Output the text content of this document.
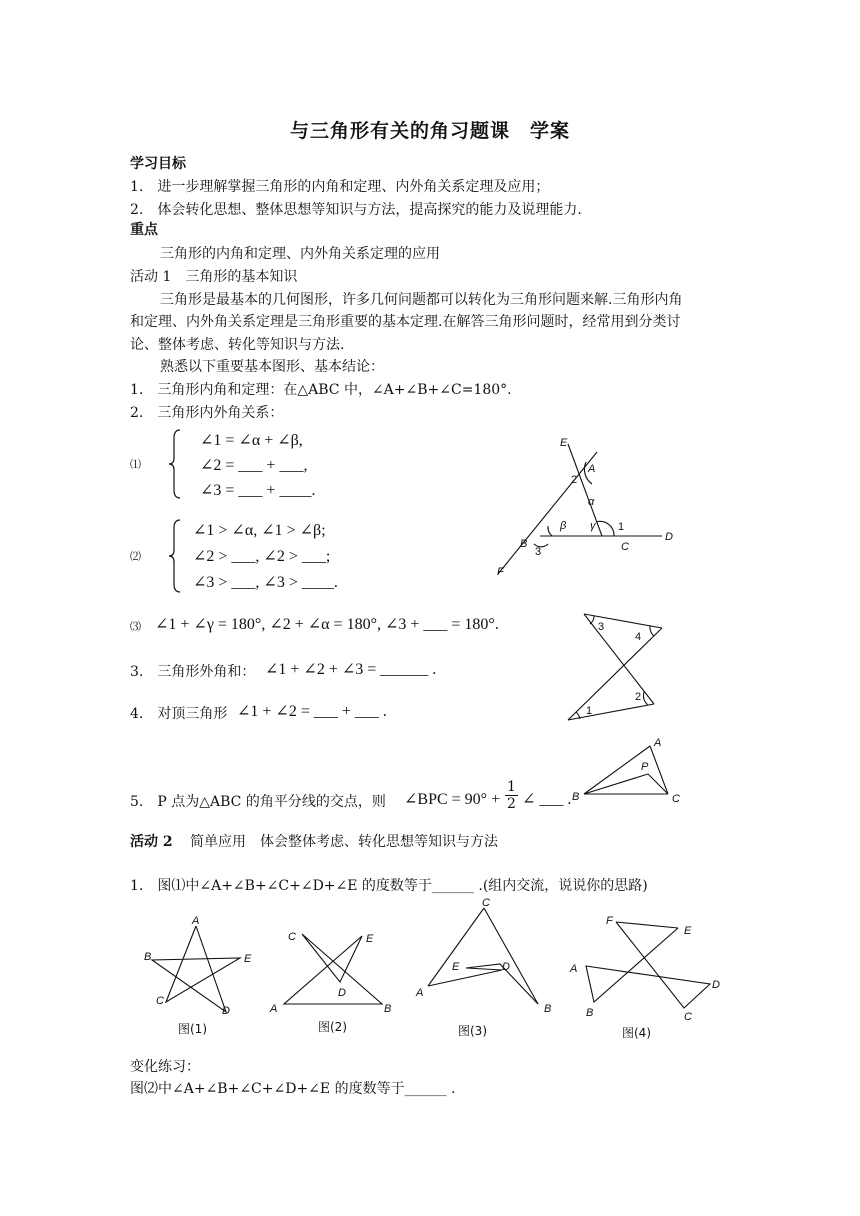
与三角形有关的角习题课　学案
学习目标
1.　进一步理解掌握三角形的内角和定理、内外角关系定理及应用；
2.　体会转化思想、整体思想等知识与方法，提高探究的能力及说理能力.
重点
三角形的内角和定理、内外角关系定理的应用
活动 1　三角形的基本知识
三角形是最基本的几何图形，许多几何问题都可以转化为三角形问题来解.三角形内角
和定理、内外角关系定理是三角形重要的基本定理.在解答三角形问题时，经常用到分类讨
论、整体考虑、转化等知识与方法.
熟悉以下重要基本图形、基本结论：
1.　三角形内角和定理：在△ABC 中，∠A+∠B+∠C=180°.
2.　三角形内外角关系：
⑴
∠1 = ∠α + ∠β,
∠2 = ___ + ___,
∠3 = ___ + ____.
⑵
∠1 > ∠α, ∠1 > ∠β;
∠2 > ___, ∠2 > ___;
∠3 > ___, ∠3 > ____.
⑶ ∠1 + ∠γ = 180°, ∠2 + ∠α = 180°, ∠3 + ___ = 180°.
3.　三角形外角和： ∠1 + ∠2 + ∠3 = ______ .
4.　对顶三角形 ∠1 + ∠2 = ___ + ___ .
5.　P 点为△ABC 的角平分线的交点，则 ∠BPC = $90^\circ + \frac{1}{2}$ ∠ ___ .
活动 2 简单应用　体会整体考虑、转化思想等知识与方法
1.　图⑴中∠A+∠B+∠C+∠D+∠E 的度数等于______ .(组内交流，说说你的思路)
变化练习：
图⑵中∠A+∠B+∠C+∠D+∠E 的度数等于______ .
E
A
2
α
β γ 1
B
3	C
D
F
3
4
2
1
A
P
B	C
A
B	E
C
D
图(1)
C	E
D
A	B
图(2)
C
E	D
A
B
图(3)
F
E
A
D
B	C
图(4)
